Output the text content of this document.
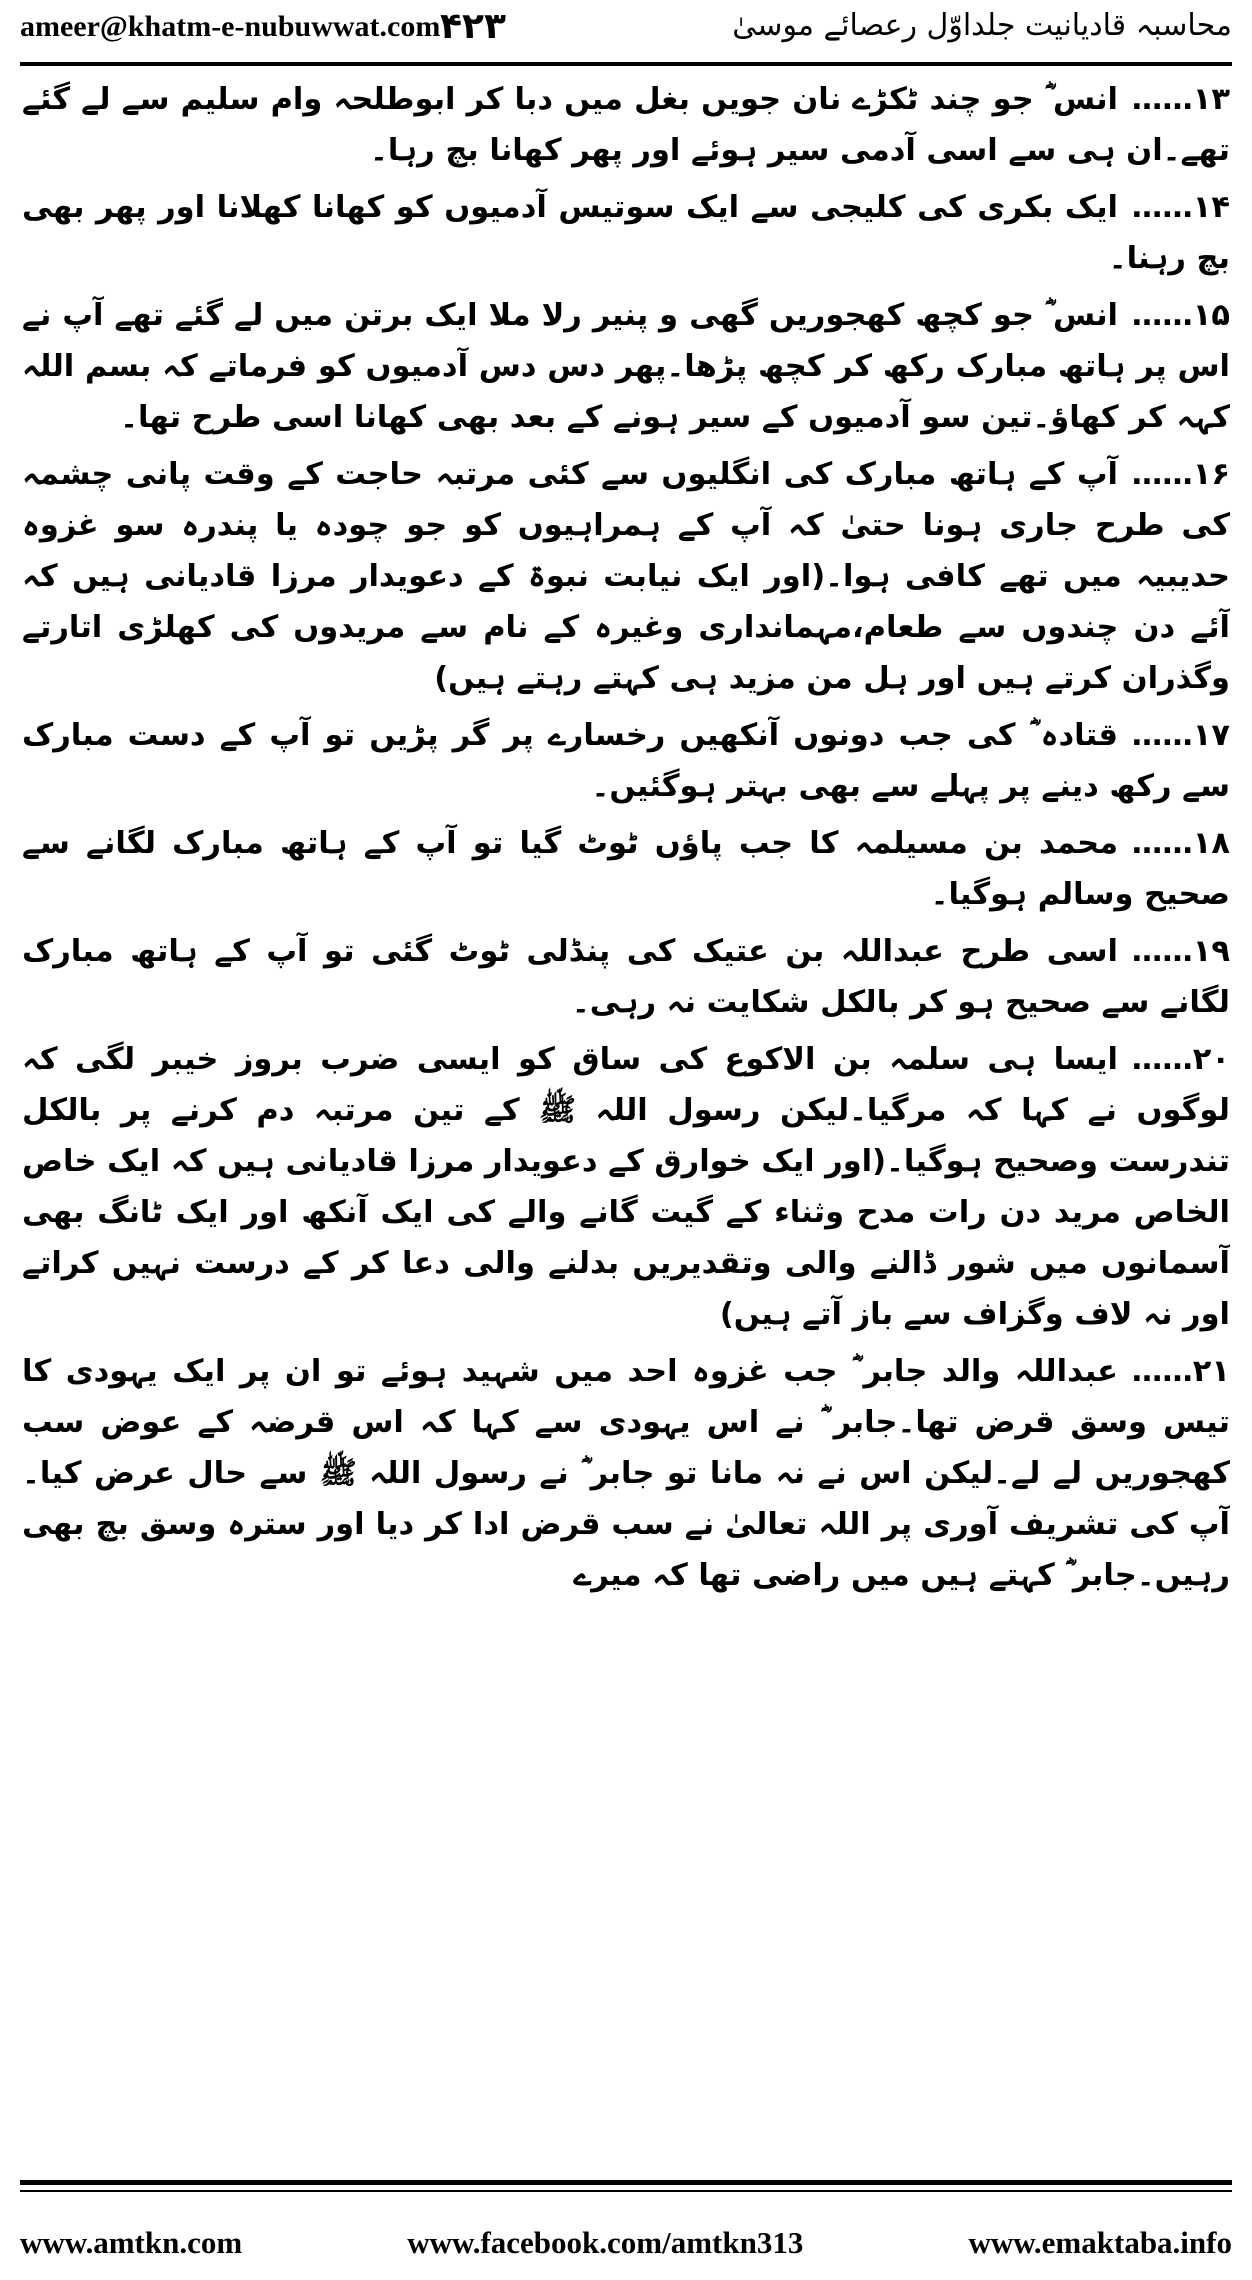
ameer@khatm-e-nubuwwat.com ۴۲۳	محاسبہ قادیانیت جلداوّل رعصائے موسیٰ

۱۳……انس ؓ جو چند ٹکڑے نان جویں بغل میں دبا کر ابوطلحہ وام سلیم سے لے گئے تھے۔ان ہی سے اسی آدمی سیر ہوئے اور پھر کھانا بچ رہا۔

۱۴……ایک بکری کی کلیجی سے ایک سوتیس آدمیوں کو کھانا کھلانا اور پھر بھی بچ رہنا۔

۱۵……انس ؓ جو کچھ کھجوریں گھی و پنیر رلا ملا ایک برتن میں لے گئے تھے آپ نے اس پر ہاتھ مبارک رکھ کر کچھ پڑھا۔پھر دس دس آدمیوں کو فرماتے کہ بسم اللہ کہہ کر کھاؤ۔تین سو آدمیوں کے سیر ہونے کے بعد بھی کھانا اسی طرح تھا۔

۱۶……آپ کے ہاتھ مبارک کی انگلیوں سے کئی مرتبہ حاجت کے وقت پانی چشمہ کی طرح جاری ہونا حتیٰ کہ آپ کے ہمراہیوں کو جو چودہ یا پندرہ سو غزوہ حدیبیہ میں تھے کافی ہوا۔(اور ایک نیابت نبوۃ کے دعویدار مرزا قادیانی ہیں کہ آئے دن چندوں سے طعام،مہمانداری وغیرہ کے نام سے مریدوں کی کھلڑی اتارتے وگذران کرتے ہیں اور ہل من مزید ہی کہتے رہتے ہیں)

۱۷……قتادہ ؓ کی جب دونوں آنکھیں رخسارے پر گر پڑیں تو آپ کے دست مبارک سے رکھ دینے پر پہلے سے بھی بہتر ہوگئیں۔

۱۸……محمد بن مسیلمہ کا جب پاؤں ٹوٹ گیا تو آپ کے ہاتھ مبارک لگانے سے صحیح وسالم ہوگیا۔

۱۹……اسی طرح عبداللہ بن عتیک کی پنڈلی ٹوٹ گئی تو آپ کے ہاتھ مبارک لگانے سے صحیح ہو کر بالکل شکایت نہ رہی۔

۲۰……ایسا ہی سلمہ بن الاکوع کی ساق کو ایسی ضرب بروز خیبر لگی کہ لوگوں نے کہا کہ مرگیا۔لیکن رسول اللہ ﷺ کے تین مرتبہ دم کرنے پر بالکل تندرست وصحیح ہوگیا۔(اور ایک خوارق کے دعویدار مرزا قادیانی ہیں کہ ایک خاص الخاص مرید دن رات مدح وثناء کے گیت گانے والے کی ایک آنکھ اور ایک ٹانگ بھی آسمانوں میں شور ڈالنے والی وتقدیریں بدلنے والی دعا کر کے درست نہیں کراتے اور نہ لاف وگزاف سے باز آتے ہیں)

۲۱……عبداللہ والد جابر ؓ جب غزوہ احد میں شہید ہوئے تو ان پر ایک یہودی کا تیس وسق قرض تھا۔جابر ؓ نے اس یہودی سے کہا کہ اس قرضہ کے عوض سب کھجوریں لے لے۔لیکن اس نے نہ مانا تو جابر ؓ نے رسول اللہ ﷺ سے حال عرض کیا۔آپ کی تشریف آوری پر اللہ تعالیٰ نے سب قرض ادا کر دیا اور سترہ وسق بچ بھی رہیں۔جابر ؓ کہتے ہیں میں راضی تھا کہ میرے

www.amtkn.com	www.facebook.com/amtkn313	www.emaktaba.info
